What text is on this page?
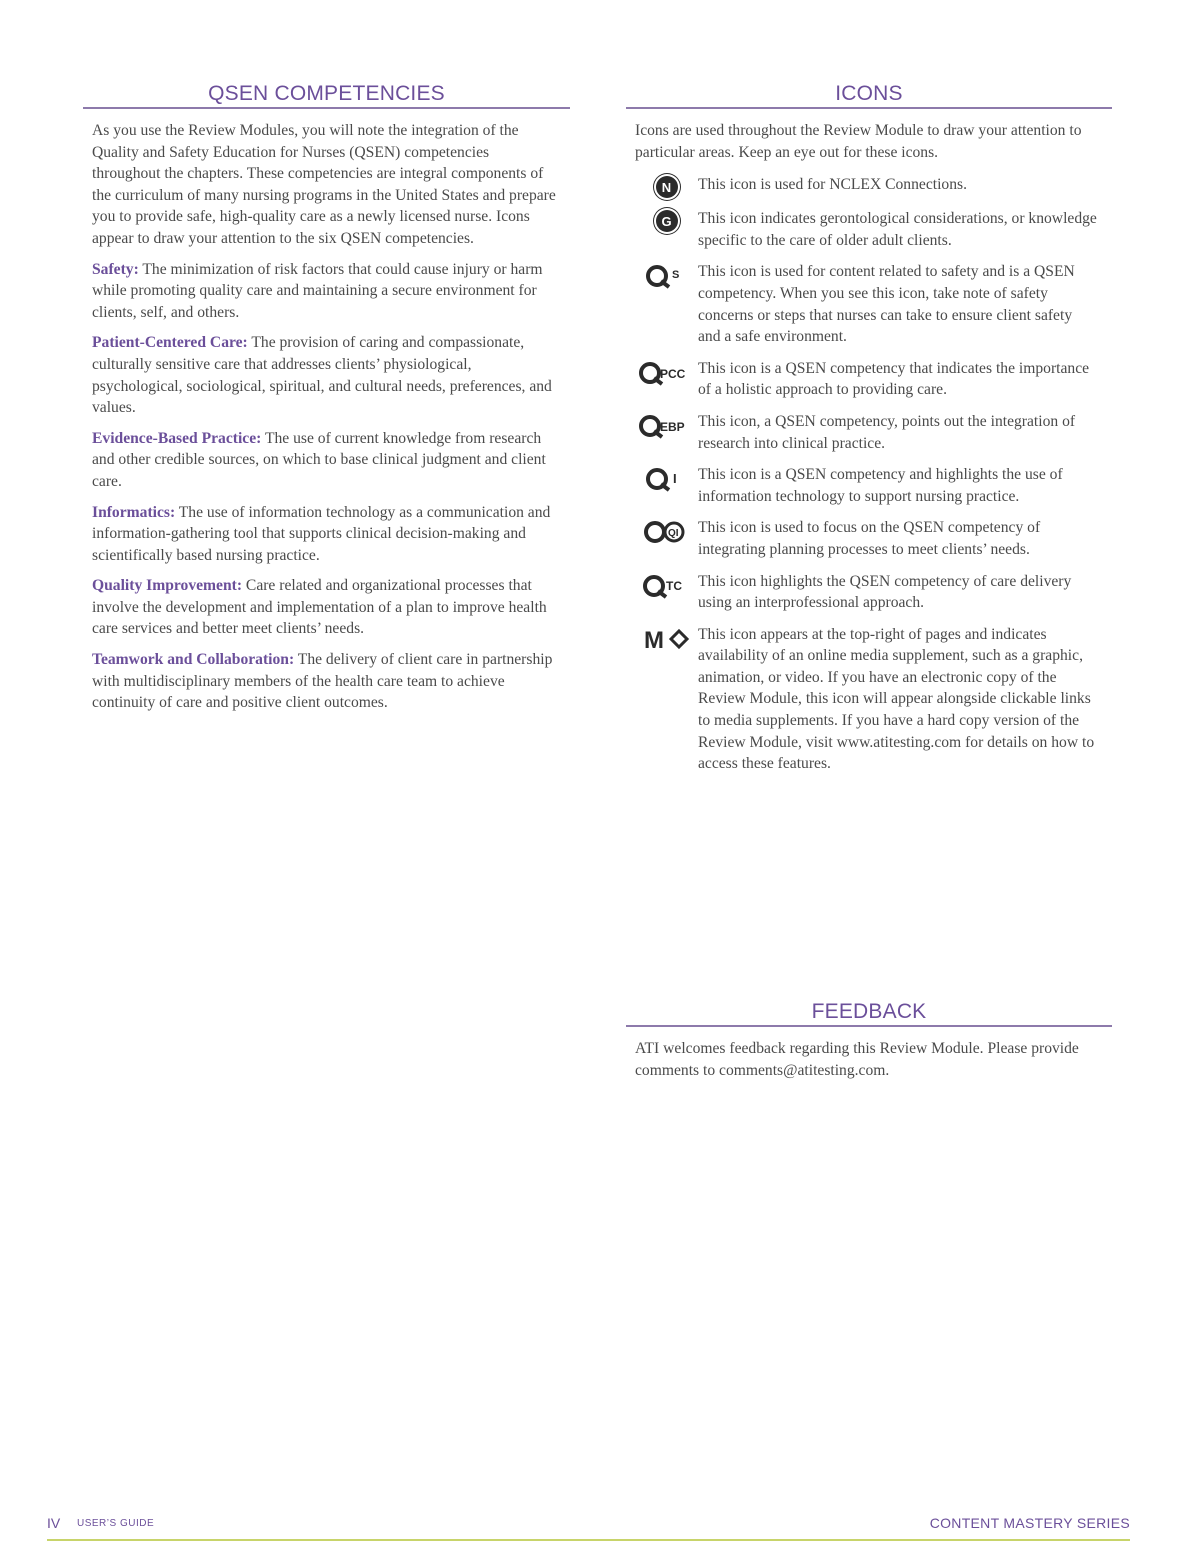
QSEN COMPETENCIES

As you use the Review Modules, you will note the integration of the Quality and Safety Education for Nurses (QSEN) competencies throughout the chapters. These competencies are integral components of the curriculum of many nursing programs in the United States and prepare you to provide safe, high-quality care as a newly licensed nurse. Icons appear to draw your attention to the six QSEN competencies.

Safety: The minimization of risk factors that could cause injury or harm while promoting quality care and maintaining a secure environment for clients, self, and others.

Patient-Centered Care: The provision of caring and compassionate, culturally sensitive care that addresses clients’ physiological, psychological, sociological, spiritual, and cultural needs, preferences, and values.

Evidence-Based Practice: The use of current knowledge from research and other credible sources, on which to base clinical judgment and client care.

Informatics: The use of information technology as a communication and information-gathering tool that supports clinical decision-making and scientifically based nursing practice.

Quality Improvement: Care related and organizational processes that involve the development and implementation of a plan to improve health care services and better meet clients’ needs.

Teamwork and Collaboration: The delivery of client care in partnership with multidisciplinary members of the health care team to achieve continuity of care and positive client outcomes.

ICONS

Icons are used throughout the Review Module to draw your attention to particular areas. Keep an eye out for these icons.

N	This icon is used for NCLEX Connections.
G	This icon indicates gerontological considerations, or knowledge specific to the care of older adult clients.
S This icon is used for content related to safety and is a QSEN competency. When you see this icon, take note of safety concerns or steps that nurses can take to ensure client safety and a safe environment.
PCC This icon is a QSEN competency that indicates the importance of a holistic approach to providing care.
EBP This icon, a QSEN competency, points out the integration of research into clinical practice.
I This icon is a QSEN competency and highlights the use of information technology to support nursing practice.
QI This icon is used to focus on the QSEN competency of integrating planning processes to meet clients’ needs.
TC This icon highlights the QSEN competency of care delivery using an interprofessional approach.
M This icon appears at the top-right of pages and indicates availability of an online media supplement, such as a graphic, animation, or video. If you have an electronic copy of the Review Module, this icon will appear alongside clickable links to media supplements. If you have a hard copy version of the Review Module, visit www.atitesting.com for details on how to access these features.
FEEDBACK

ATI welcomes feedback regarding this Review Module. Please provide comments to comments@atitesting.com.

IV USER’S GUIDE	CONTENT MASTERY SERIES
